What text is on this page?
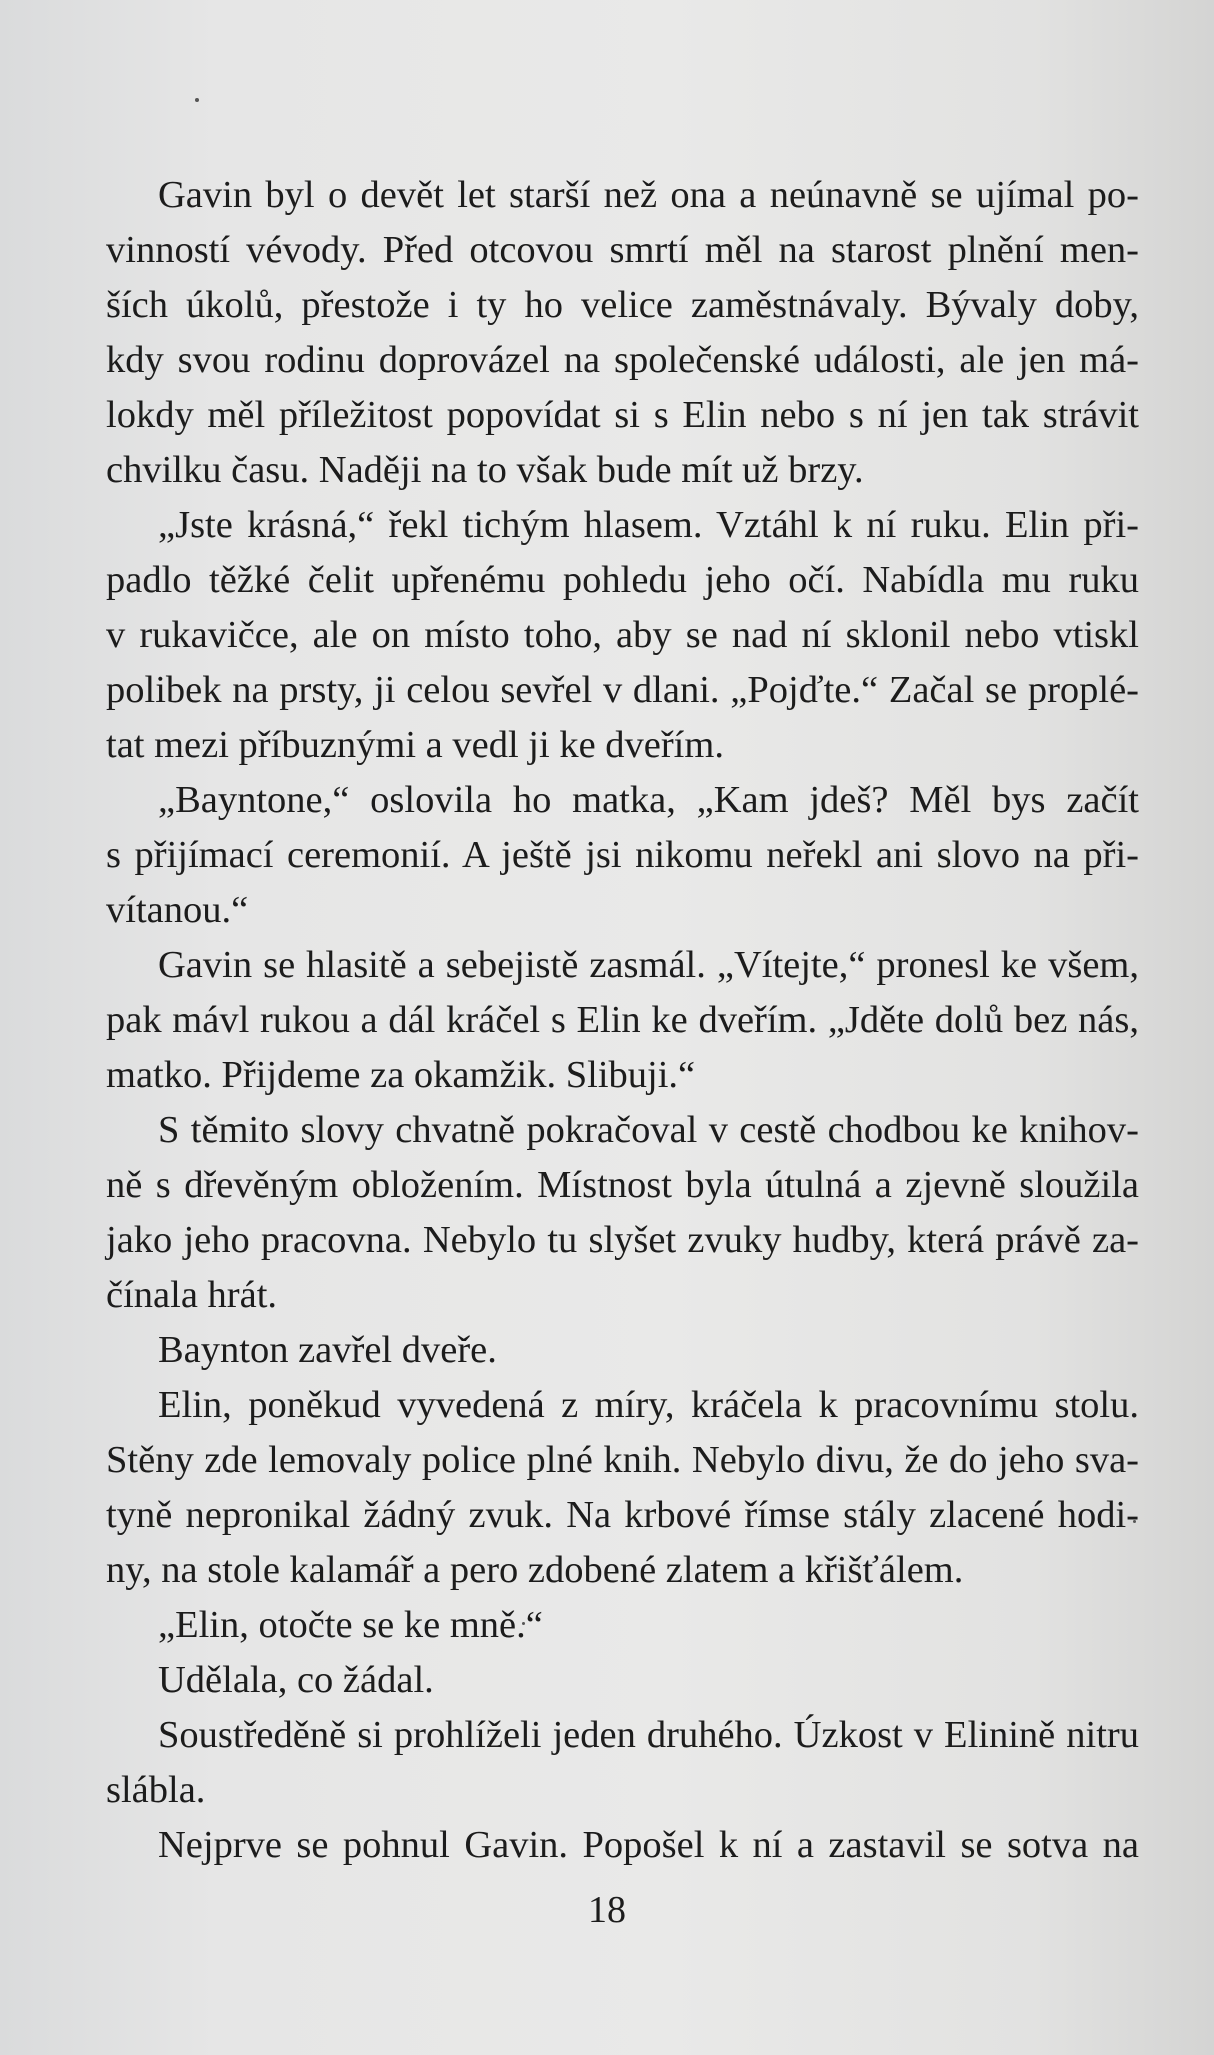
Gavin byl o devět let starší než ona a neúnavně se ujímal po-
vinností vévody. Před otcovou smrtí měl na starost plnění men-
ších úkolů, přestože i ty ho velice zaměstnávaly. Bývaly doby,
kdy svou rodinu doprovázel na společenské události, ale jen má-
lokdy měl příležitost popovídat si s Elin nebo s ní jen tak strávit
chvilku času. Naději na to však bude mít už brzy.
„Jste krásná,“ řekl tichým hlasem. Vztáhl k ní ruku. Elin při-
padlo těžké čelit upřenému pohledu jeho očí. Nabídla mu ruku
v rukavičce, ale on místo toho, aby se nad ní sklonil nebo vtiskl
polibek na prsty, ji celou sevřel v dlani. „Pojďte.“ Začal se proplé-
tat mezi příbuznými a vedl ji ke dveřím.
„Bayntone,“ oslovila ho matka, „Kam jdeš? Měl bys začít
s přijímací ceremonií. A ještě jsi nikomu neřekl ani slovo na při-
vítanou.“
Gavin se hlasitě a sebejistě zasmál. „Vítejte,“ pronesl ke všem,
pak mávl rukou a dál kráčel s Elin ke dveřím. „Jděte dolů bez nás,
matko. Přijdeme za okamžik. Slibuji.“
S těmito slovy chvatně pokračoval v cestě chodbou ke knihov-
ně s dřevěným obložením. Místnost byla útulná a zjevně sloužila
jako jeho pracovna. Nebylo tu slyšet zvuky hudby, která právě za-
čínala hrát.
Baynton zavřel dveře.
Elin, poněkud vyvedená z míry, kráčela k pracovnímu stolu.
Stěny zde lemovaly police plné knih. Nebylo divu, že do jeho sva-
tyně nepronikal žádný zvuk. Na krbové římse stály zlacené hodi-
ny, na stole kalamář a pero zdobené zlatem a křišťálem.
„Elin, otočte se ke mně.“
Udělala, co žádal.
Soustředěně si prohlíželi jeden druhého. Úzkost v Elinině nitru
slábla.
Nejprve se pohnul Gavin. Popošel k ní a zastavil se sotva na
18
